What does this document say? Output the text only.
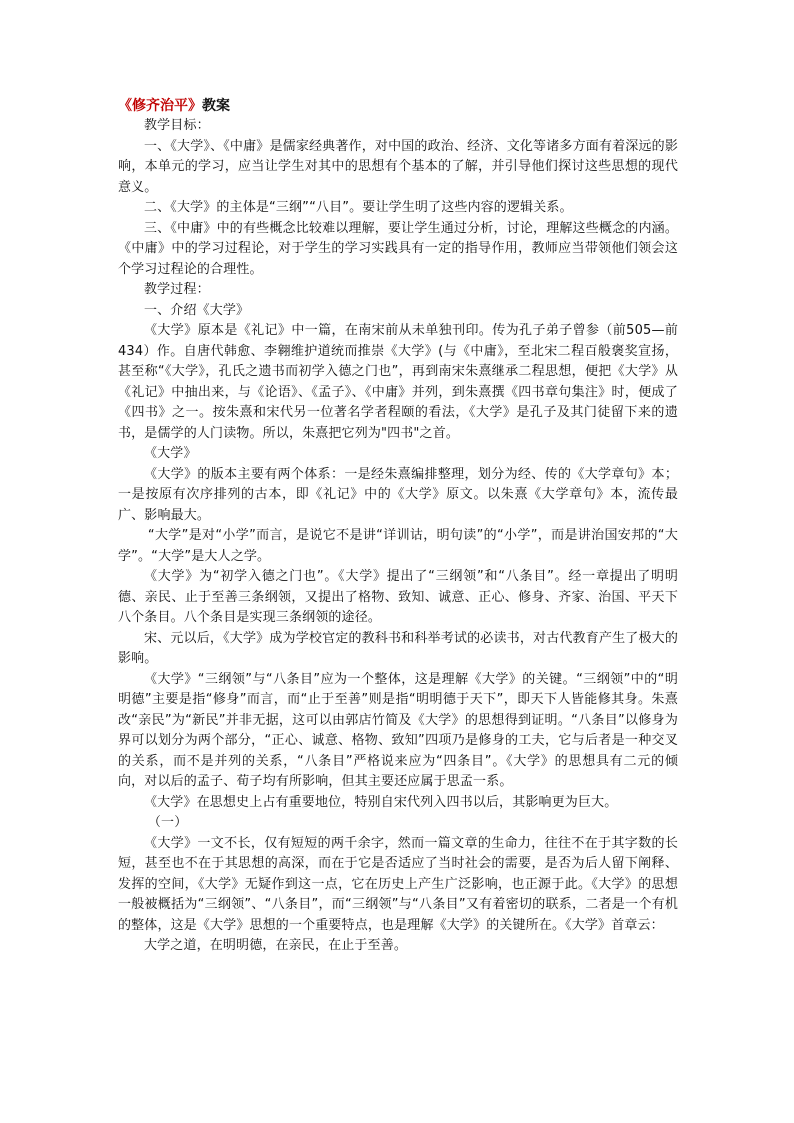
《修齐治平》教案

教学目标：

一、《大学》、《中庸》是儒家经典著作，对中国的政治、经济、文化等诸多方面有着深远的影响，本单元的学习，应当让学生对其中的思想有个基本的了解，并引导他们探讨这些思想的现代意义。

二、《大学》的主体是“三纲”“八目”。要让学生明了这些内容的逻辑关系。

三、《中庸》中的有些概念比较难以理解，要让学生通过分析，讨论，理解这些概念的内涵。《中庸》中的学习过程论，对于学生的学习实践具有一定的指导作用，教师应当带领他们领会这个学习过程论的合理性。

教学过程：

一、介绍《大学》

《大学》原本是《礼记》中一篇，在南宋前从未单独刊印。传为孔子弟子曾参（前505—前434）作。自唐代韩愈、李翱维护道统而推崇《大学》(与《中庸》，至北宋二程百般褒奖宣扬，甚至称“《大学》，孔氏之遗书而初学入德之门也”，再到南宋朱熹继承二程思想，便把《大学》从《礼记》中抽出来，与《论语》、《孟子》、《中庸》并列，到朱熹撰《四书章句集注》时，便成了《四书》之一。按朱熹和宋代另一位著名学者程颐的看法，《大学》是孔子及其门徒留下来的遗书，是儒学的人门读物。所以，朱熹把它列为"四书"之首。

《大学》

《大学》的版本主要有两个体系：一是经朱熹编排整理，划分为经、传的《大学章句》本；一是按原有次序排列的古本，即《礼记》中的《大学》原文。以朱熹《大学章句》本，流传最广、影响最大。

“大学”是对“小学”而言，是说它不是讲“详训诂，明句读”的“小学”，而是讲治国安邦的“大学”。“大学”是大人之学。

《大学》为“初学入德之门也”。《大学》提出了“三纲领”和“八条目”。经一章提出了明明德、亲民、止于至善三条纲领，又提出了格物、致知、诚意、正心、修身、齐家、治国、平天下八个条目。八个条目是实现三条纲领的途径。

宋、元以后，《大学》成为学校官定的教科书和科举考试的必读书，对古代教育产生了极大的影响。

《大学》“三纲领”与“八条目”应为一个整体，这是理解《大学》的关键。“三纲领”中的“明明德”主要是指“修身”而言，而“止于至善”则是指“明明德于天下”，即天下人皆能修其身。朱熹改“亲民”为“新民”并非无据，这可以由郭店竹简及《大学》的思想得到证明。“八条目”以修身为界可以划分为两个部分，“正心、诚意、格物、致知”四项乃是修身的工夫，它与后者是一种交叉的关系，而不是并列的关系，“八条目”严格说来应为“四条目”。《大学》的思想具有二元的倾向，对以后的孟子、荀子均有所影响，但其主要还应属于思孟一系。

《大学》在思想史上占有重要地位，特别自宋代列入四书以后，其影响更为巨大。

（一）

《大学》一文不长，仅有短短的两千余字，然而一篇文章的生命力，往往不在于其字数的长短，甚至也不在于其思想的高深，而在于它是否适应了当时社会的需要，是否为后人留下阐释、发挥的空间，《大学》无疑作到这一点，它在历史上产生广泛影响，也正源于此。《大学》的思想一般被概括为“三纲领”、“八条目”，而“三纲领”与“八条目”又有着密切的联系，二者是一个有机的整体，这是《大学》思想的一个重要特点，也是理解《大学》的关键所在。《大学》首章云：

大学之道，在明明德，在亲民，在止于至善。
